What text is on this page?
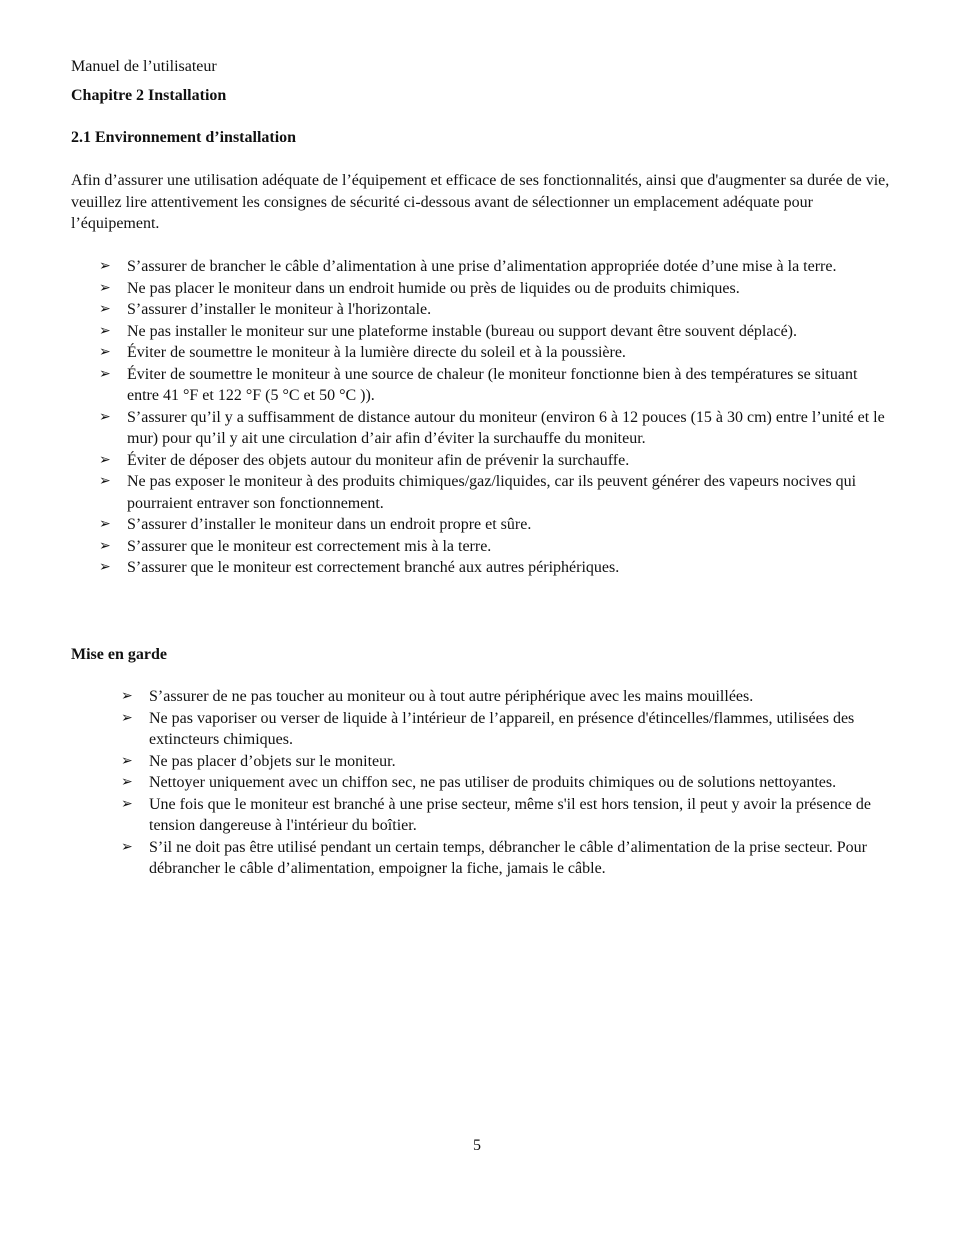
Manuel de l’utilisateur
Chapitre 2 Installation
2.1 Environnement d’installation

Afin d’assurer une utilisation adéquate de l’équipement et efficace de ses fonctionnalités, ainsi que d'augmenter sa durée de vie, veuillez lire attentivement les consignes de sécurité ci-dessous avant de sélectionner un emplacement adéquate pour l’équipement.

➢ S’assurer de brancher le câble d’alimentation à une prise d’alimentation appropriée dotée d’une mise à la terre.
➢ Ne pas placer le moniteur dans un endroit humide ou près de liquides ou de produits chimiques.
➢ S’assurer d’installer le moniteur à l'horizontale.
➢ Ne pas installer le moniteur sur une plateforme instable (bureau ou support devant être souvent déplacé).
➢ Éviter de soumettre le moniteur à la lumière directe du soleil et à la poussière.
➢ Éviter de soumettre le moniteur à une source de chaleur (le moniteur fonctionne bien à des températures se situant entre 41 °F et 122 °F (5 °C et 50 °C )).
➢ S’assurer qu’il y a suffisamment de distance autour du moniteur (environ 6 à 12 pouces (15 à 30 cm) entre l’unité et le mur) pour qu’il y ait une circulation d’air afin d’éviter la surchauffe du moniteur.
➢ Éviter de déposer des objets autour du moniteur afin de prévenir la surchauffe.
➢ Ne pas exposer le moniteur à des produits chimiques/gaz/liquides, car ils peuvent générer des vapeurs nocives qui pourraient entraver son fonctionnement.
➢ S’assurer d’installer le moniteur dans un endroit propre et sûre.
➢ S’assurer que le moniteur est correctement mis à la terre.
➢ S’assurer que le moniteur est correctement branché aux autres périphériques.
Mise en garde
➢ S’assurer de ne pas toucher au moniteur ou à tout autre périphérique avec les mains mouillées.
➢ Ne pas vaporiser ou verser de liquide à l’intérieur de l’appareil, en présence d'étincelles/flammes, utilisées des extincteurs chimiques.
➢ Ne pas placer d’objets sur le moniteur.
➢ Nettoyer uniquement avec un chiffon sec, ne pas utiliser de produits chimiques ou de solutions nettoyantes.
➢ Une fois que le moniteur est branché à une prise secteur, même s'il est hors tension, il peut y avoir la présence de tension dangereuse à l'intérieur du boîtier.
➢ S’il ne doit pas être utilisé pendant un certain temps, débrancher le câble d’alimentation de la prise secteur. Pour débrancher le câble d’alimentation, empoigner la fiche, jamais le câble.
5
